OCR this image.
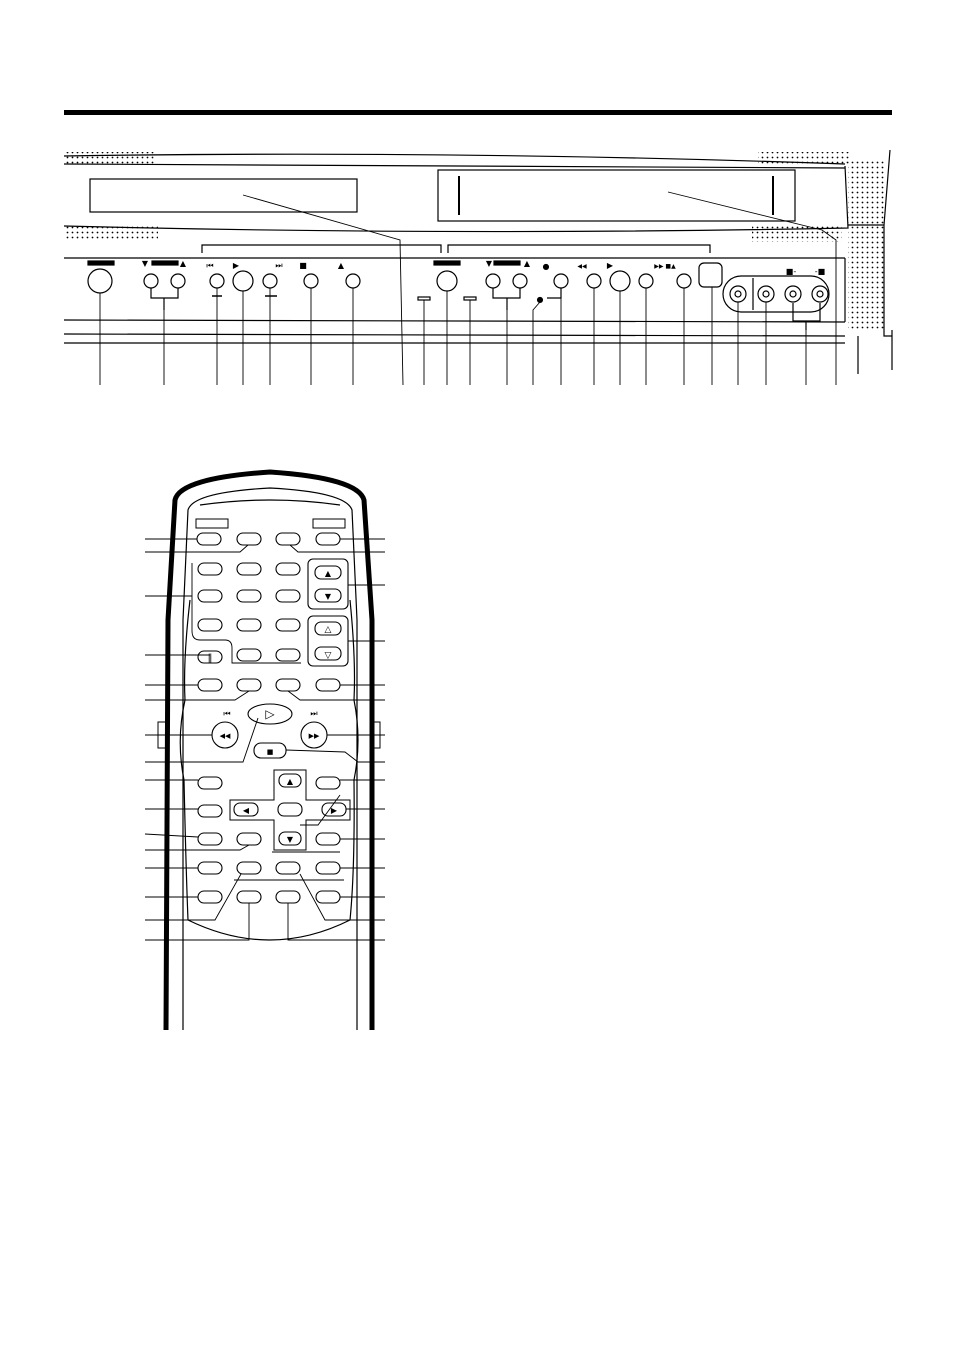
▼	▲	⏮ ▶	⏭ ■	▲	▼	▲ ●
●
◀◀	▶	▶▶ ■▲
■- -■
▲
▼
△
▽
‖
⏮	⏭
◀◀	▶▶
▷
■
▲
▼
◀	▶
